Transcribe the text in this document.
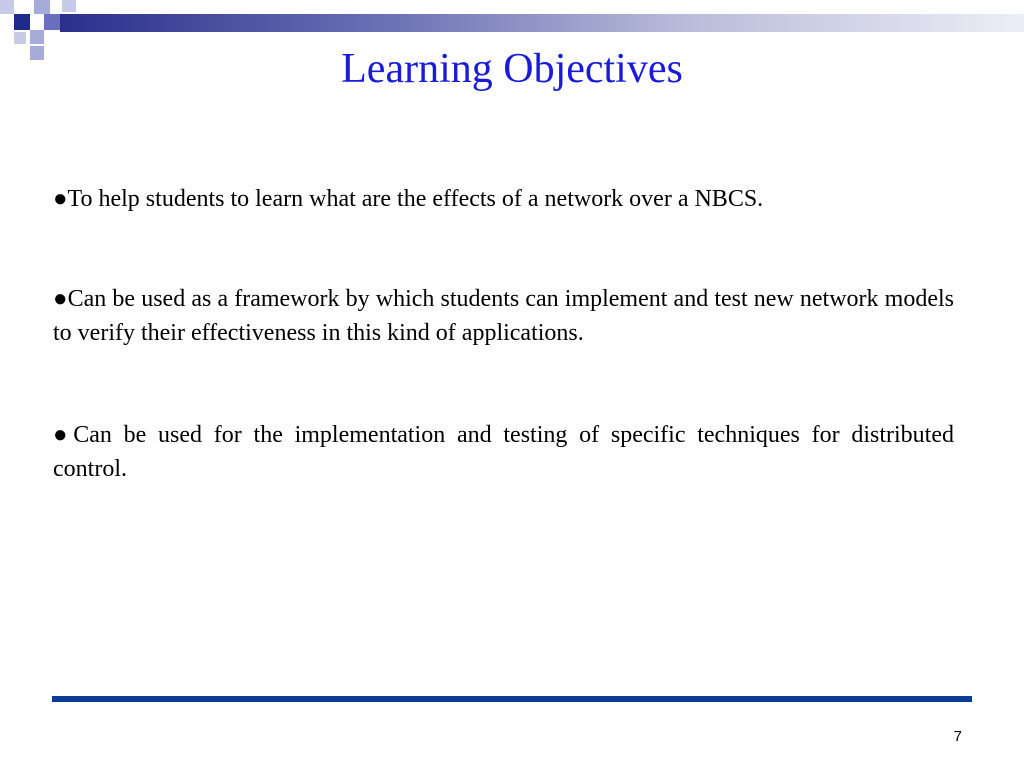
Learning Objectives

●To help students to learn what are the effects of a network over a NBCS.

●Can be used as a framework by which students can implement and test new network models to verify their effectiveness in this kind of applications.

●Can be used for the implementation and testing of specific techniques for distributed control.

7
